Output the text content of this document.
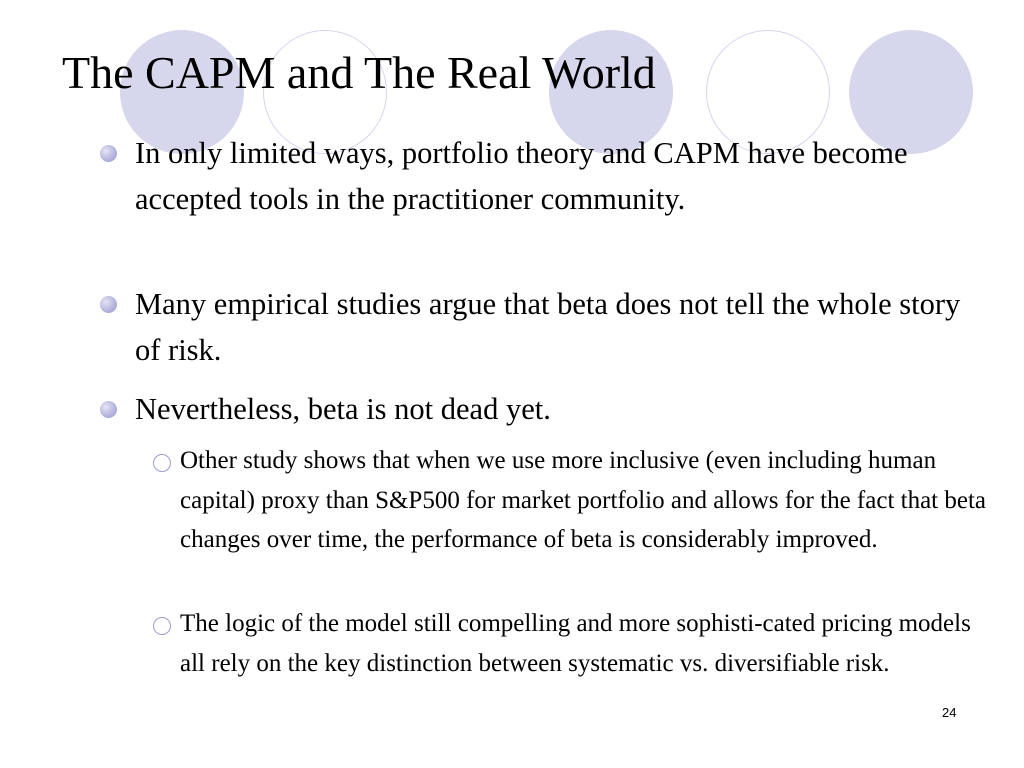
The CAPM and The Real World
In only limited ways, portfolio theory and CAPM have become accepted tools in the practitioner community.
Many empirical studies argue that beta does not tell the whole story of risk.
Nevertheless, beta is not dead yet.
Other study shows that when we use more inclusive (even including human capital) proxy than S&P500 for market portfolio and allows for the fact that beta changes over time, the performance of beta is considerably improved.
The logic of the model still compelling and more sophisti-cated pricing models all rely on the key distinction between systematic vs. diversifiable risk.
24
